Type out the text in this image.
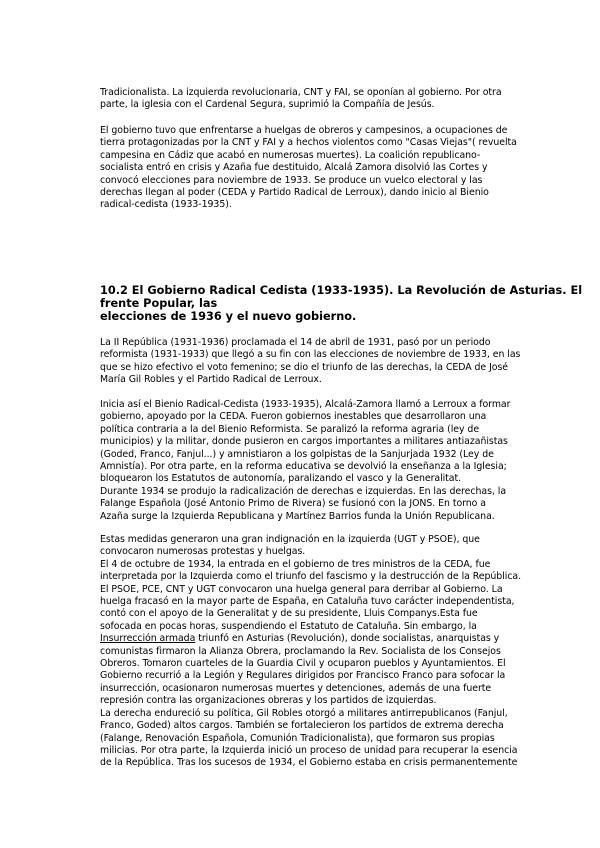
Tradicionalista. La izquierda revolucionaria, CNT y FAI, se oponían al gobierno. Por otra
parte, la iglesia con el Cardenal Segura, suprimió la Compañía de Jesús.

El gobierno tuvo que enfrentarse a huelgas de obreros y campesinos, a ocupaciones de
tierra protagonizadas por la CNT y FAI y a hechos violentos como "Casas Viejas"( revuelta
campesina en Cádiz que acabó en numerosas muertes). La coalición republicano-
socialista entró en crisis y Azaña fue destituido, Alcalá Zamora disolvió las Cortes y
convocó elecciones para noviembre de 1933. Se produce un vuelco electoral y las
derechas llegan al poder (CEDA y Partido Radical de Lerroux), dando inicio al Bienio
radical-cedista (1933-1935).

10.2 El Gobierno Radical Cedista (1933-1935). La Revolución de Asturias. El
frente Popular, las
elecciones de 1936 y el nuevo gobierno.

La II República (1931-1936) proclamada el 14 de abril de 1931, pasó por un periodo
reformista (1931-1933) que llegó a su fin con las elecciones de noviembre de 1933, en las
que se hizo efectivo el voto femenino; se dio el triunfo de las derechas, la CEDA de José
María Gil Robles y el Partido Radical de Lerroux.

Inicia así el Bienio Radical-Cedista (1933-1935), Alcalá-Zamora llamó a Lerroux a formar
gobierno, apoyado por la CEDA. Fueron gobiernos inestables que desarrollaron una
política contraria a la del Bienio Reformista. Se paralizó la reforma agraria (ley de
municipios) y la militar, donde pusieron en cargos importantes a militares antiazañistas
(Goded, Franco, Fanjul...) y amnistiaron a los golpistas de la Sanjurjada 1932 (Ley de
Amnistía). Por otra parte, en la reforma educativa se devolvió la enseñanza a la Iglesia;
bloquearon los Estatutos de autonomía, paralizando el vasco y la Generalitat.
Durante 1934 se produjo la radicalización de derechas e izquierdas. En las derechas, la
Falange Española (José Antonio Primo de Rivera) se fusionó con la JONS. En torno a
Azaña surge la Izquierda Republicana y Martínez Barrios funda la Unión Republicana.

Estas medidas generaron una gran indignación en la izquierda (UGT y PSOE), que
convocaron numerosas protestas y huelgas.
El 4 de octubre de 1934, la entrada en el gobierno de tres ministros de la CEDA, fue
interpretada por la Izquierda como el triunfo del fascismo y la destrucción de la República.
El PSOE, PCE, CNT y UGT convocaron una huelga general para derribar al Gobierno. La
huelga fracasó en la mayor parte de España, en Cataluña tuvo carácter independentista,
contó con el apoyo de la Generalitat y de su presidente, Lluis Companys.Esta fue
sofocada en pocas horas, suspendiendo el Estatuto de Cataluña. Sin embargo, la
Insurrección armada triunfó en Asturias (Revolución), donde socialistas, anarquistas y
comunistas firmaron la Alianza Obrera, proclamando la Rev. Socialista de los Consejos
Obreros. Tomaron cuarteles de la Guardia Civil y ocuparon pueblos y Ayuntamientos. El
Gobierno recurrió a la Legión y Regulares dirigidos por Francisco Franco para sofocar la
insurrección, ocasionaron numerosas muertes y detenciones, además de una fuerte
represión contra las organizaciones obreras y los partidos de izquierdas.
La derecha endureció su política, Gil Robles otorgó a militares antirrepublicanos (Fanjul,
Franco, Goded) altos cargos. También se fortalecieron los partidos de extrema derecha
(Falange, Renovación Española, Comunión Tradicionalista), que formaron sus propias
milicias. Por otra parte, la Izquierda inició un proceso de unidad para recuperar la esencia
de la República. Tras los sucesos de 1934, el Gobierno estaba en crisis permanentemente
